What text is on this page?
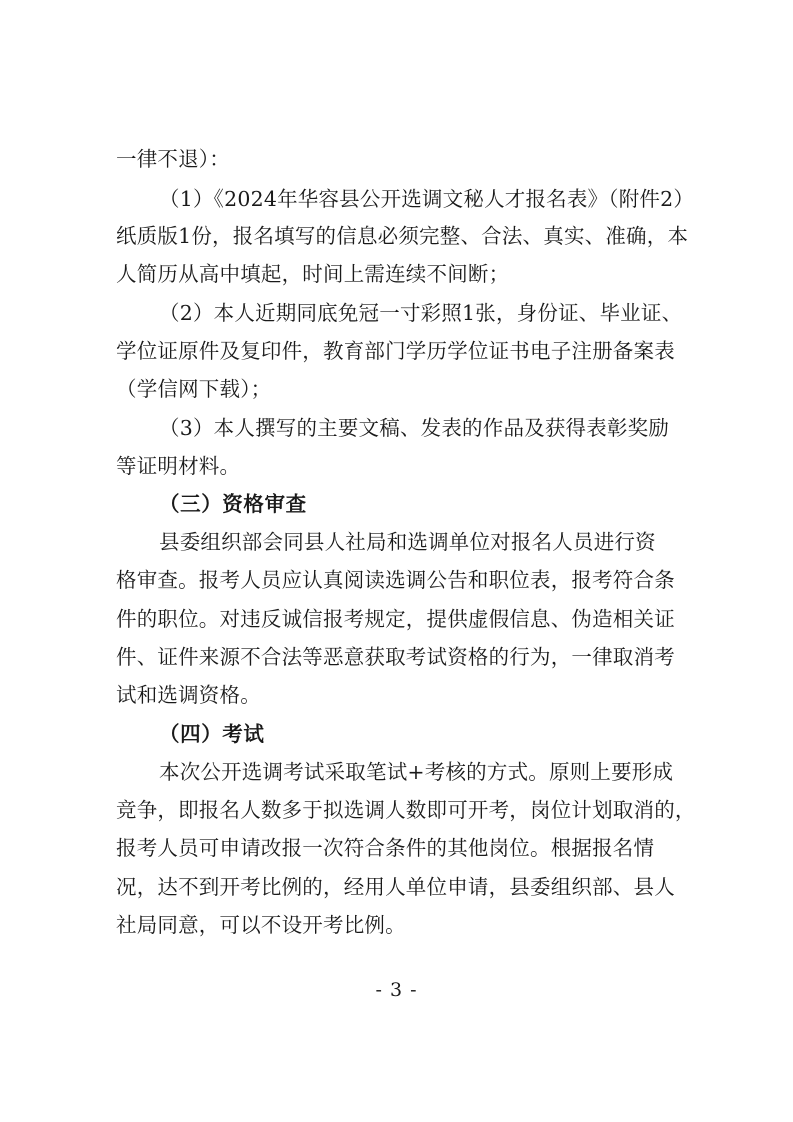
一律不退）：
（1）《2024年华容县公开选调文秘人才报名表》（附件2）
纸质版1份，报名填写的信息必须完整、合法、真实、准确，本
人简历从高中填起，时间上需连续不间断；
（2）本人近期同底免冠一寸彩照1张，身份证、毕业证、
学位证原件及复印件，教育部门学历学位证书电子注册备案表
（学信网下载）；
（3）本人撰写的主要文稿、发表的作品及获得表彰奖励
等证明材料。
（三）资格审查
县委组织部会同县人社局和选调单位对报名人员进行资
格审查。报考人员应认真阅读选调公告和职位表，报考符合条
件的职位。对违反诚信报考规定，提供虚假信息、伪造相关证
件、证件来源不合法等恶意获取考试资格的行为，一律取消考
试和选调资格。
（四）考试
本次公开选调考试采取笔试+考核的方式。原则上要形成
竞争，即报名人数多于拟选调人数即可开考，岗位计划取消的，
报考人员可申请改报一次符合条件的其他岗位。根据报名情
况，达不到开考比例的，经用人单位申请，县委组织部、县人
社局同意，可以不设开考比例。
- 3 -
